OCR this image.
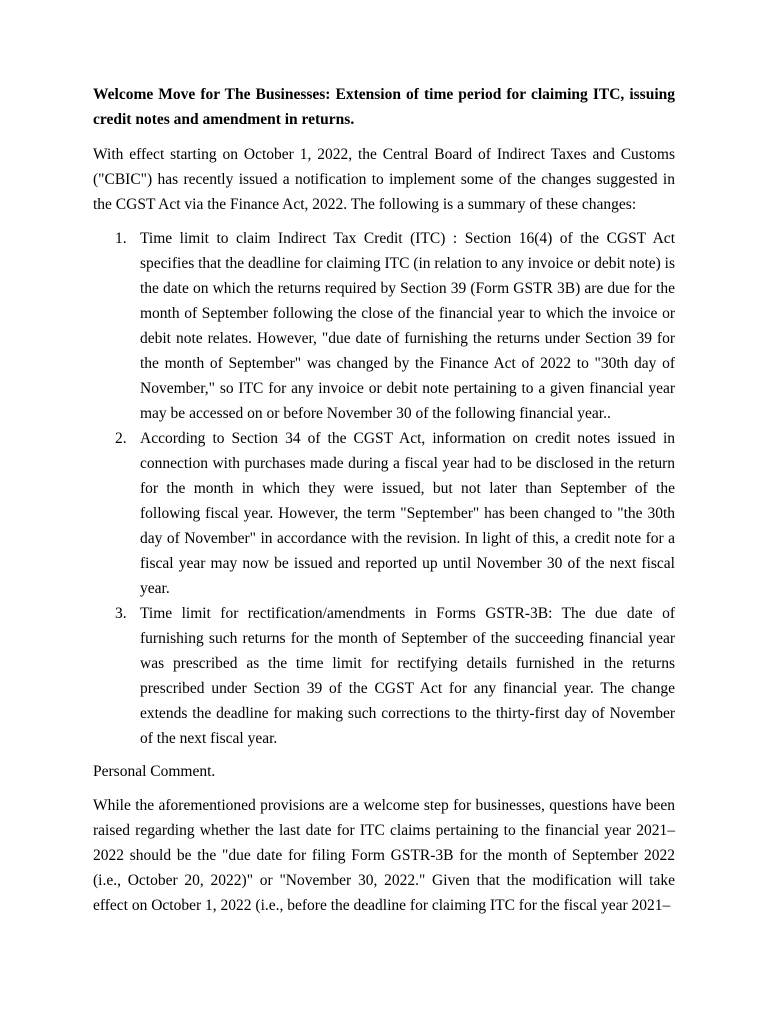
Welcome Move for The Businesses: Extension of time period for claiming ITC, issuing credit notes and amendment in returns.

With effect starting on October 1, 2022, the Central Board of Indirect Taxes and Customs ("CBIC") has recently issued a notification to implement some of the changes suggested in the CGST Act via the Finance Act, 2022. The following is a summary of these changes:

1. Time limit to claim Indirect Tax Credit (ITC) : Section 16(4) of the CGST Act specifies that the deadline for claiming ITC (in relation to any invoice or debit note) is the date on which the returns required by Section 39 (Form GSTR 3B) are due for the month of September following the close of the financial year to which the invoice or debit note relates. However, "due date of furnishing the returns under Section 39 for the month of September" was changed by the Finance Act of 2022 to "30th day of November," so ITC for any invoice or debit note pertaining to a given financial year may be accessed on or before November 30 of the following financial year..
2. According to Section 34 of the CGST Act, information on credit notes issued in connection with purchases made during a fiscal year had to be disclosed in the return for the month in which they were issued, but not later than September of the following fiscal year. However, the term "September" has been changed to "the 30th day of November" in accordance with the revision. In light of this, a credit note for a fiscal year may now be issued and reported up until November 30 of the next fiscal year.
3. Time limit for rectification/amendments in Forms GSTR-3B: The due date of furnishing such returns for the month of September of the succeeding financial year was prescribed as the time limit for rectifying details furnished in the returns prescribed under Section 39 of the CGST Act for any financial year. The change extends the deadline for making such corrections to the thirty-first day of November of the next fiscal year.

Personal Comment.

While the aforementioned provisions are a welcome step for businesses, questions have been raised regarding whether the last date for ITC claims pertaining to the financial year 2021–2022 should be the "due date for filing Form GSTR-3B for the month of September 2022 (i.e., October 20, 2022)" or "November 30, 2022." Given that the modification will take effect on October 1, 2022 (i.e., before the deadline for claiming ITC for the fiscal year 2021–
